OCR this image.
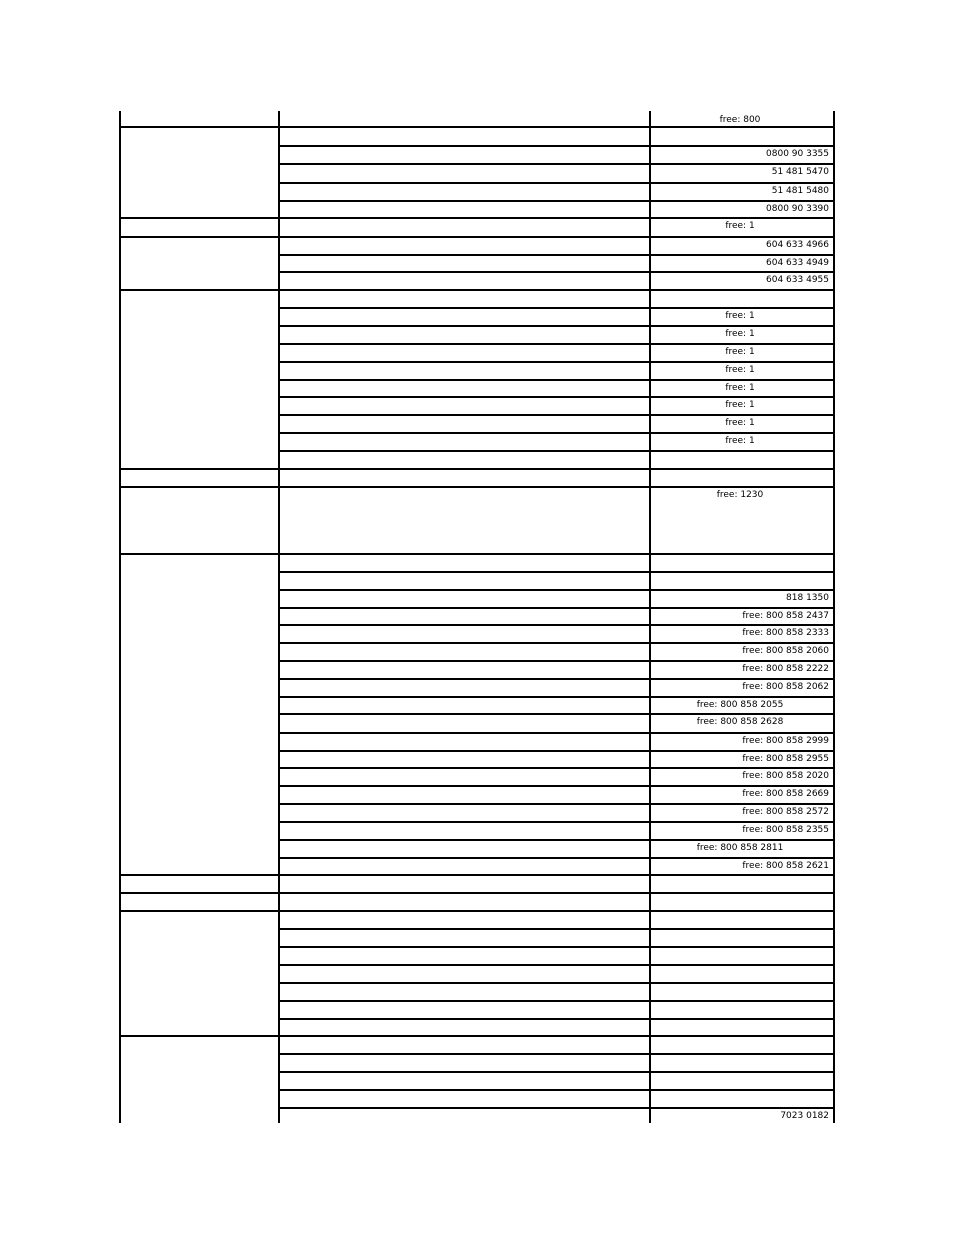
free: 800
0800 90 3355
51 481 5470
51 481 5480
0800 90 3390
free: 1
604 633 4966
604 633 4949
604 633 4955
free: 1
free: 1
free: 1
free: 1
free: 1
free: 1
free: 1
free: 1
free: 1230
818 1350
free: 800 858 2437
free: 800 858 2333
free: 800 858 2060
free: 800 858 2222
free: 800 858 2062
free: 800 858 2055
free: 800 858 2628
free: 800 858 2999
free: 800 858 2955
free: 800 858 2020
free: 800 858 2669
free: 800 858 2572
free: 800 858 2355
free: 800 858 2811
free: 800 858 2621
7023 0182
